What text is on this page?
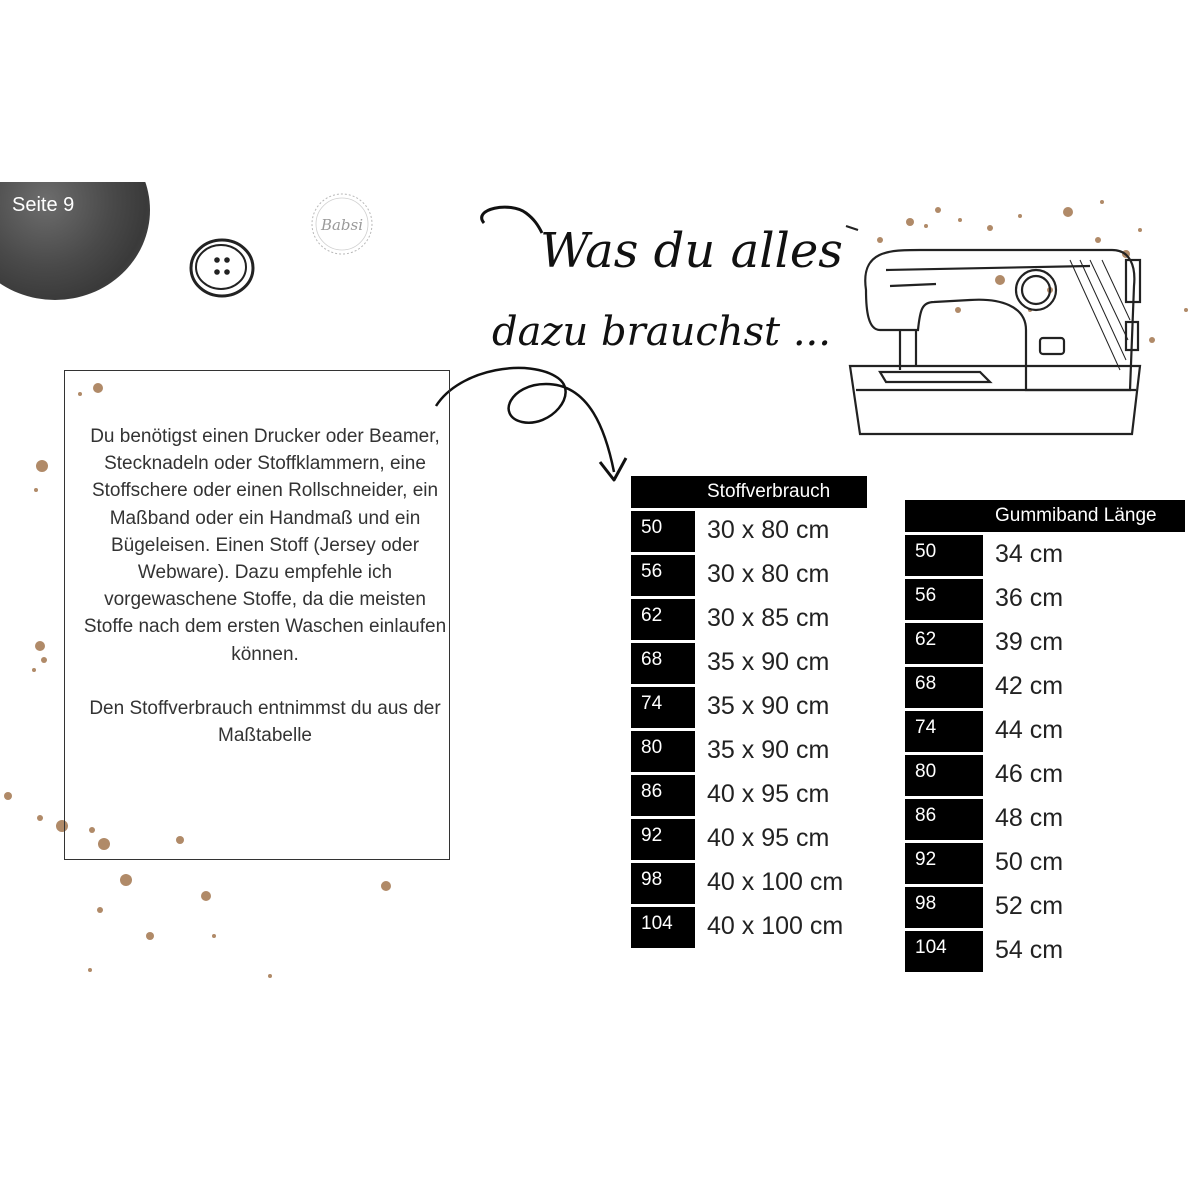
Seite 9
Babsi	Was du alles
dazu brauchst ...

Du benötigst einen Drucker oder Beamer, Stecknadeln oder Stoffklammern, eine Stoffschere oder einen Rollschneider, ein Maßband oder ein Handmaß und ein Bügeleisen. Einen Stoff (Jersey oder Webware). Dazu empfehle ich vorgewaschene Stoffe, da die meisten Stoffe nach dem ersten Waschen einlaufen können.

Den Stoffverbrauch entnimmst du aus der Maßtabelle

	Stoffverbrauch
50	30 x 80 cm
56	30 x 80 cm
62	30 x 85 cm
68	35 x 90 cm
74	35 x 90 cm
80	35 x 90 cm
86	40 x 95 cm
92	40 x 95 cm
98	40 x 100 cm
104	40 x 100 cm
	Gummiband Länge
50	34 cm
56	36 cm
62	39 cm
68	42 cm
74	44 cm
80	46 cm
86	48 cm
92	50 cm
98	52 cm
104	54 cm
